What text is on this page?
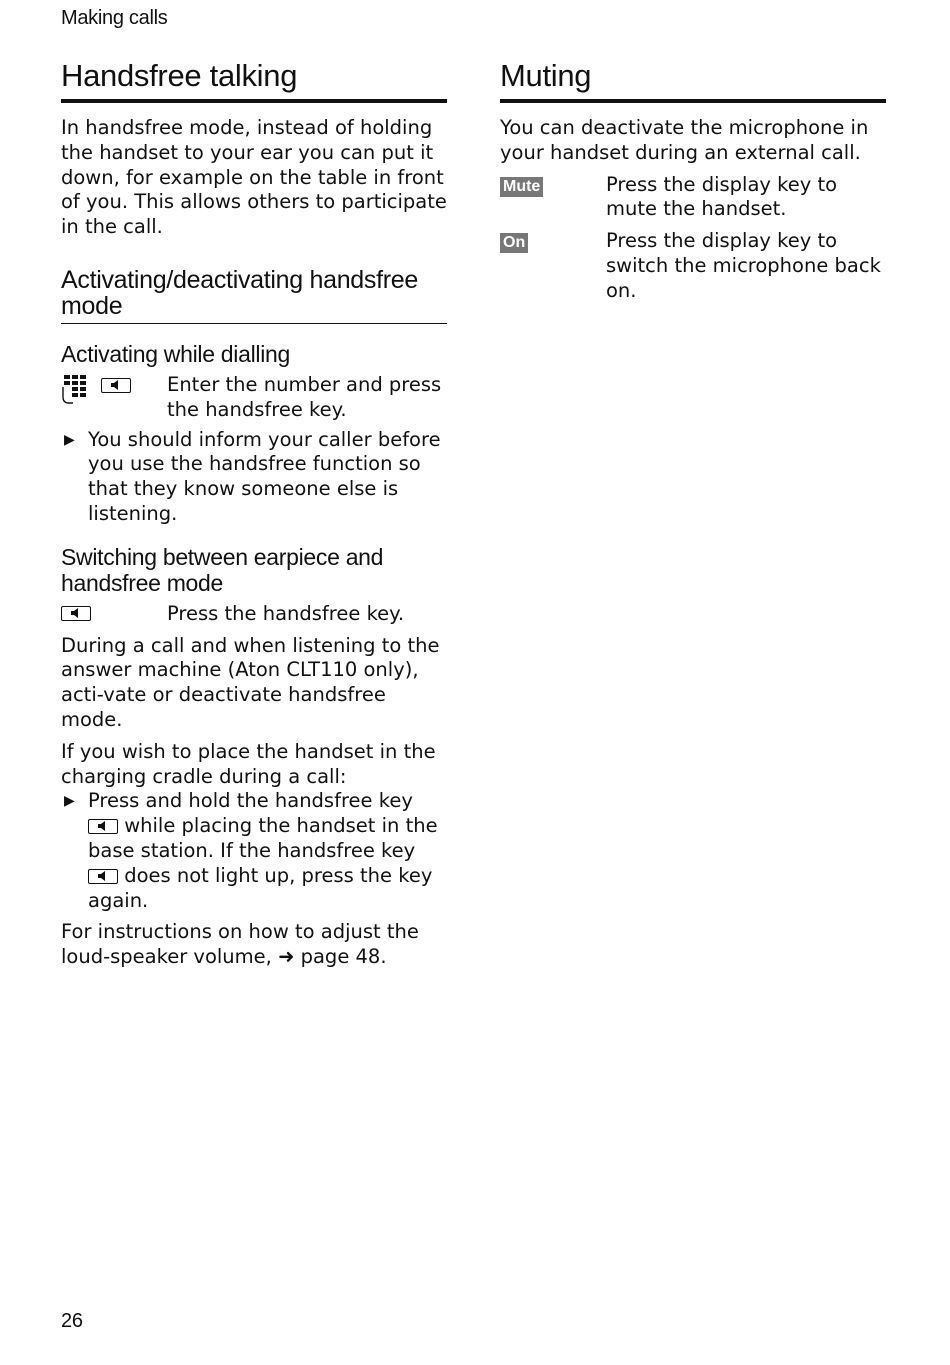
Making calls
Handsfree talking

In handsfree mode, instead of holding the handset to your ear you can put it down, for example on the table in front of you. This allows others to participate in the call.

Activating/deactivating handsfree mode
Activating while dialling

Enter the number and press the handsfree key.
▶ You should inform your caller before you use the handsfree function so that they know someone else is listening.
Switching between earpiece and handsfree mode
Press the handsfree key.

During a call and when listening to the answer machine (Aton CLT110 only), acti-vate or deactivate handsfree mode.

If you wish to place the handset in the charging cradle during a call:

▶ Press and hold the handsfree key
while placing the handset in the base station. If the handsfree key
does not light up, press the key again.

For instructions on how to adjust the loud-speaker volume, ➜ page 48.

Muting

You can deactivate the microphone in your handset during an external call.

Mute	Press the display key to mute the handset.
On	Press the display key to switch the microphone back on.
26
